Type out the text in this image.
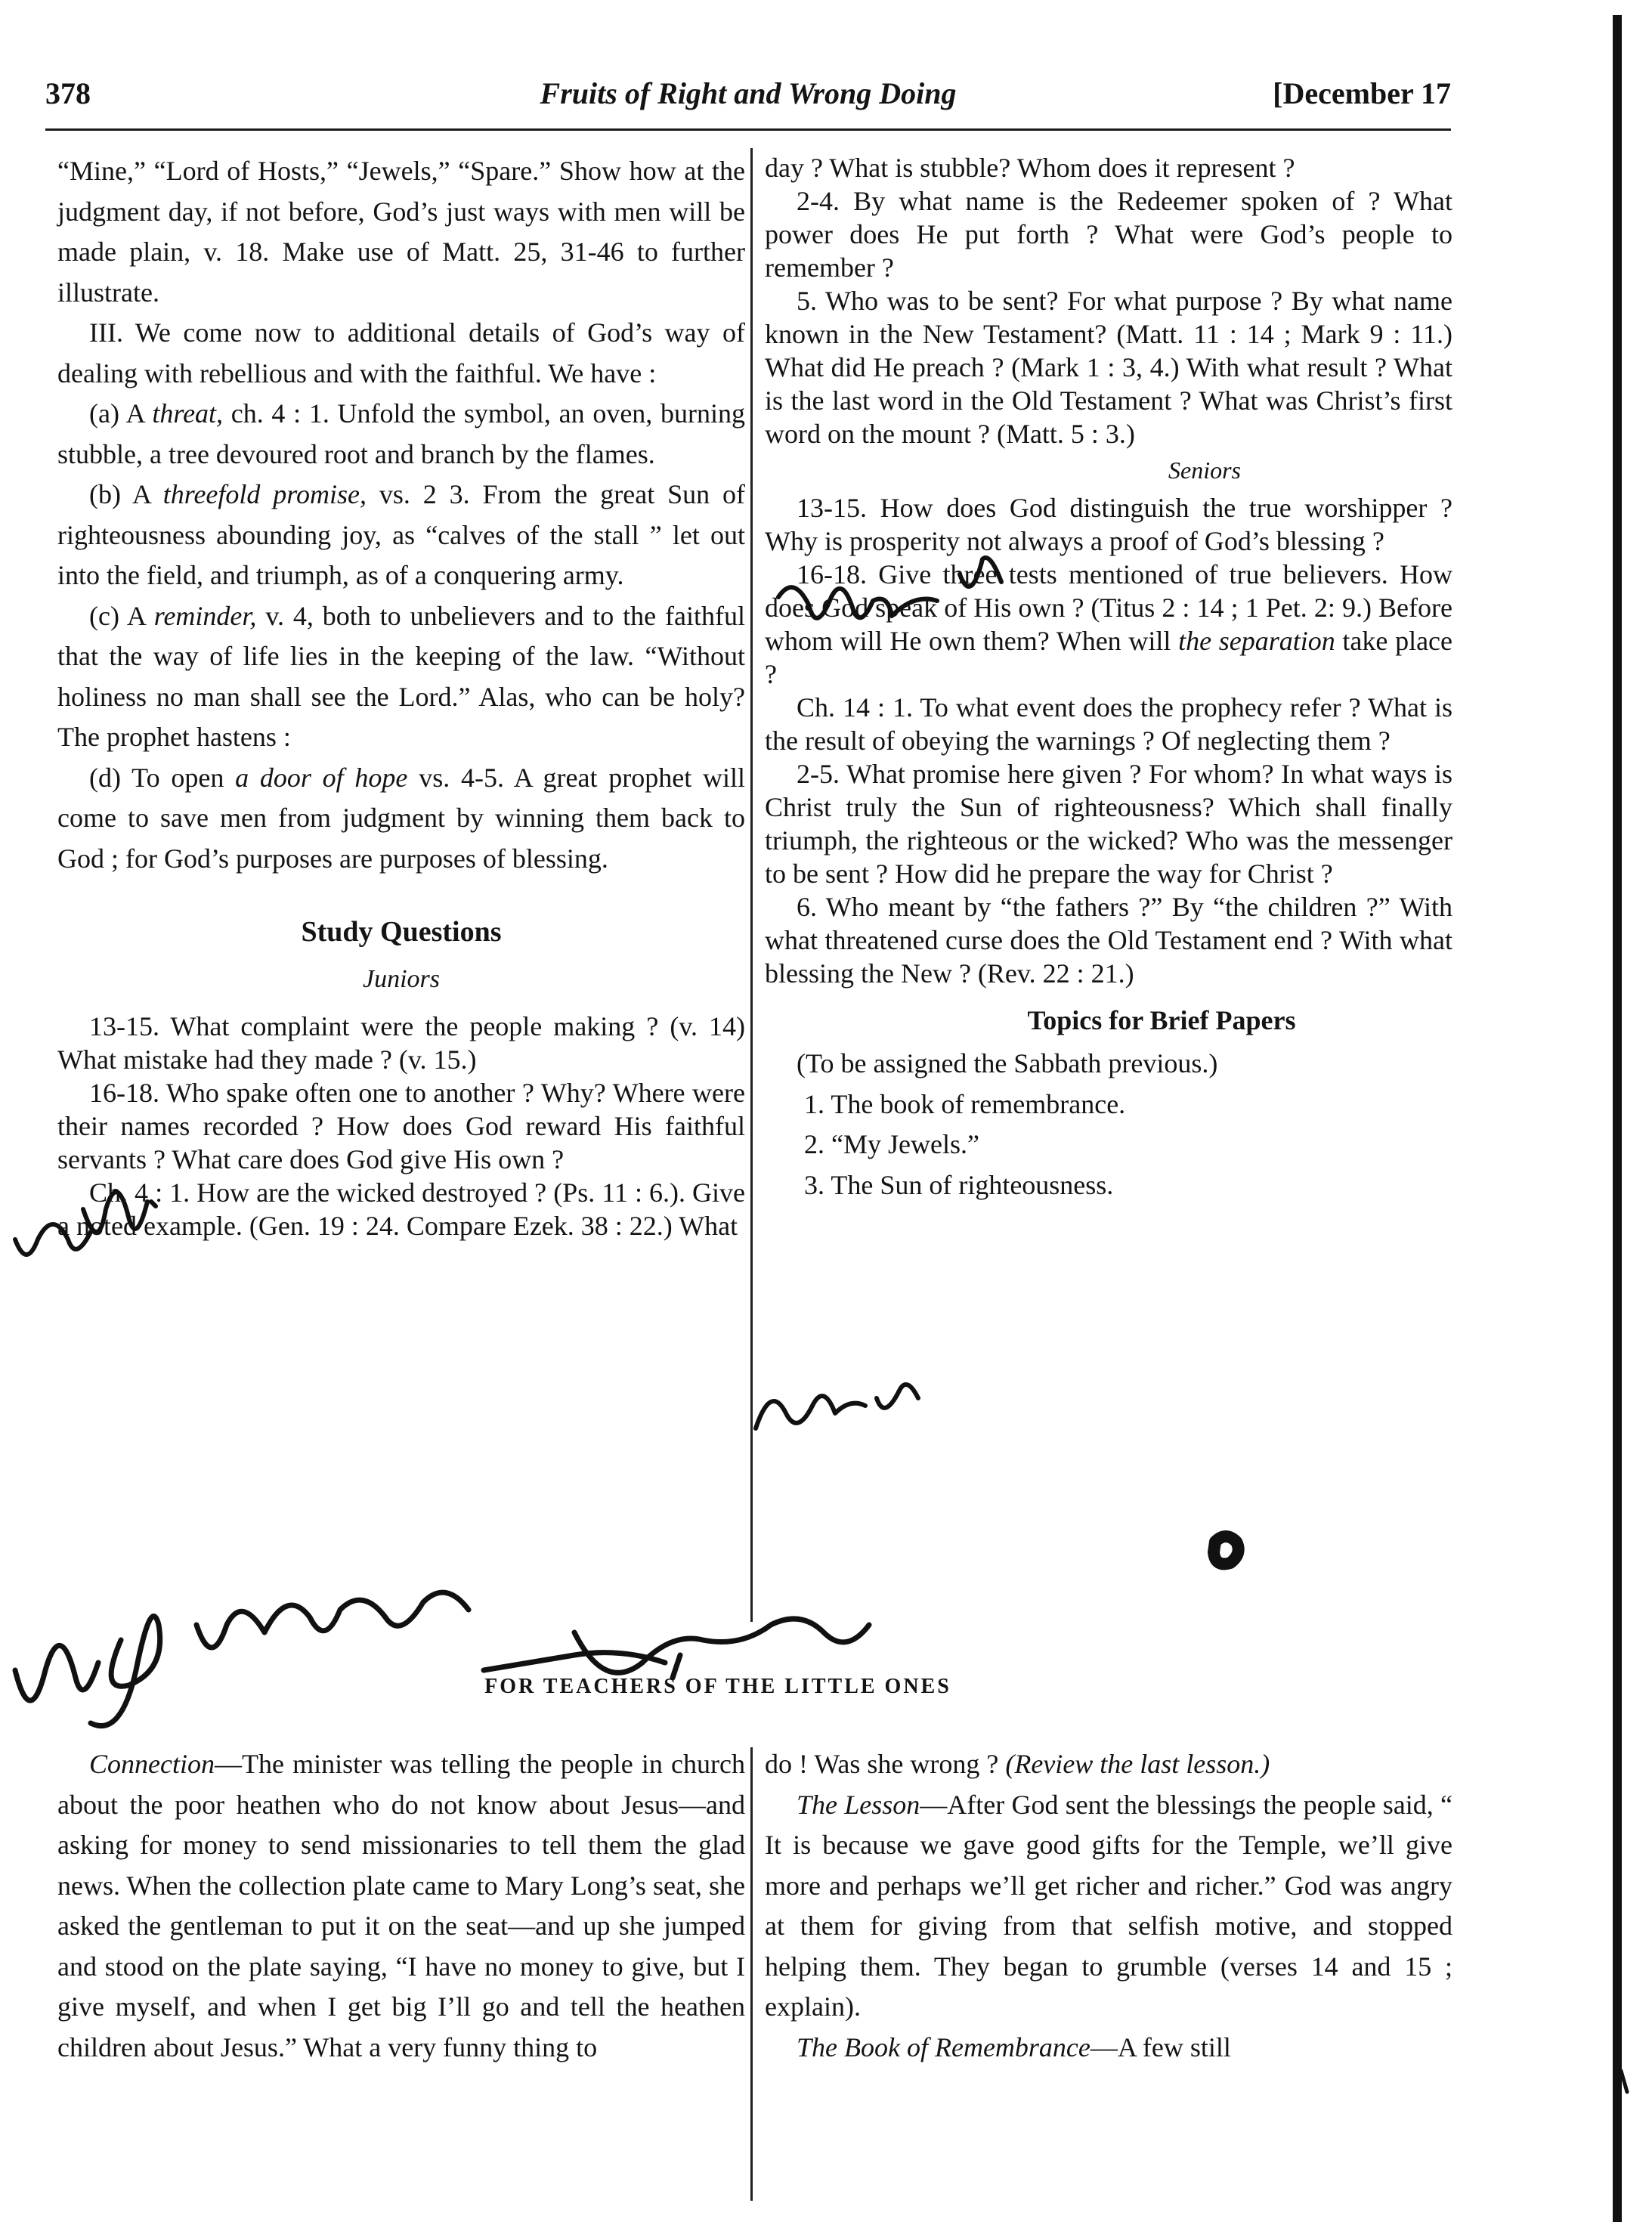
378	Fruits of Right and Wrong Doing	[December 17

“Mine,” “Lord of Hosts,” “Jewels,” “Spare.” Show how at the judgment day, if not before, God’s just ways with men will be made plain, v. 18. Make use of Matt. 25, 31-46 to further illustrate.

III. We come now to additional details of God’s way of dealing with rebellious and with the faithful. We have :

(a) A threat, ch. 4 : 1. Unfold the symbol, an oven, burning stubble, a tree devoured root and branch by the flames.

(b) A threefold promise, vs. 2 3. From the great Sun of righteousness abounding joy, as “calves of the stall ” let out into the field, and triumph, as of a conquering army.

(c) A reminder, v. 4, both to unbelievers and to the faithful that the way of life lies in the keeping of the law. “Without holiness no man shall see the Lord.” Alas, who can be holy? The prophet hastens :

(d) To open a door of hope vs. 4-5. A great prophet will come to save men from judgment by winning them back to God ; for God’s purposes are purposes of blessing.

Study Questions

Juniors

13-15. What complaint were the people making ? (v. 14) What mistake had they made ? (v. 15.)

16-18. Who spake often one to another ? Why? Where were their names recorded ? How does God reward His faithful servants ? What care does God give His own ?

Ch. 4 : 1. How are the wicked destroyed ? (Ps. 11 : 6.). Give a noted example. (Gen. 19 : 24. Compare Ezek. 38 : 22.) What

day ? What is stubble? Whom does it represent ?

2-4. By what name is the Redeemer spoken of ? What power does He put forth ? What were God’s people to remember ?

5. Who was to be sent? For what purpose ? By what name known in the New Testament? (Matt. 11 : 14 ; Mark 9 : 11.) What did He preach ? (Mark 1 : 3, 4.) With what result ? What is the last word in the Old Testament ? What was Christ’s first word on the mount ? (Matt. 5 : 3.)

Seniors

13-15. How does God distinguish the true worshipper ? Why is prosperity not always a proof of God’s blessing ?

16-18. Give three tests mentioned of true believers. How does God speak of His own ? (Titus 2 : 14 ; 1 Pet. 2: 9.) Before whom will He own them? When will the separation take place ?

Ch. 14 : 1. To what event does the prophecy refer ? What is the result of obeying the warnings ? Of neglecting them ?

2-5. What promise here given ? For whom? In what ways is Christ truly the Sun of righteousness? Which shall finally triumph, the righteous or the wicked? Who was the messenger to be sent ? How did he prepare the way for Christ ?

6. Who meant by “the fathers ?” By “the children ?” With what threatened curse does the Old Testament end ? With what blessing the New ? (Rev. 22 : 21.)

Topics for Brief Papers

(To be assigned the Sabbath previous.)

1. The book of remembrance.

2. “My Jewels.”

3. The Sun of righteousness.

FOR TEACHERS OF THE LITTLE ONES

Connection—The minister was telling the people in church about the poor heathen who do not know about Jesus—and asking for money to send missionaries to tell them the glad news. When the collection plate came to Mary Long’s seat, she asked the gentleman to put it on the seat—and up she jumped and stood on the plate saying, “I have no money to give, but I give myself, and when I get big I’ll go and tell the heathen children about Jesus.” What a very funny thing to

do ! Was she wrong ? (Review the last lesson.)

The Lesson—After God sent the blessings the people said, “ It is because we gave good gifts for the Temple, we’ll give more and perhaps we’ll get richer and richer.” God was angry at them for giving from that selfish motive, and stopped helping them. They began to grumble (verses 14 and 15 ; explain).

The Book of Remembrance—A few still
